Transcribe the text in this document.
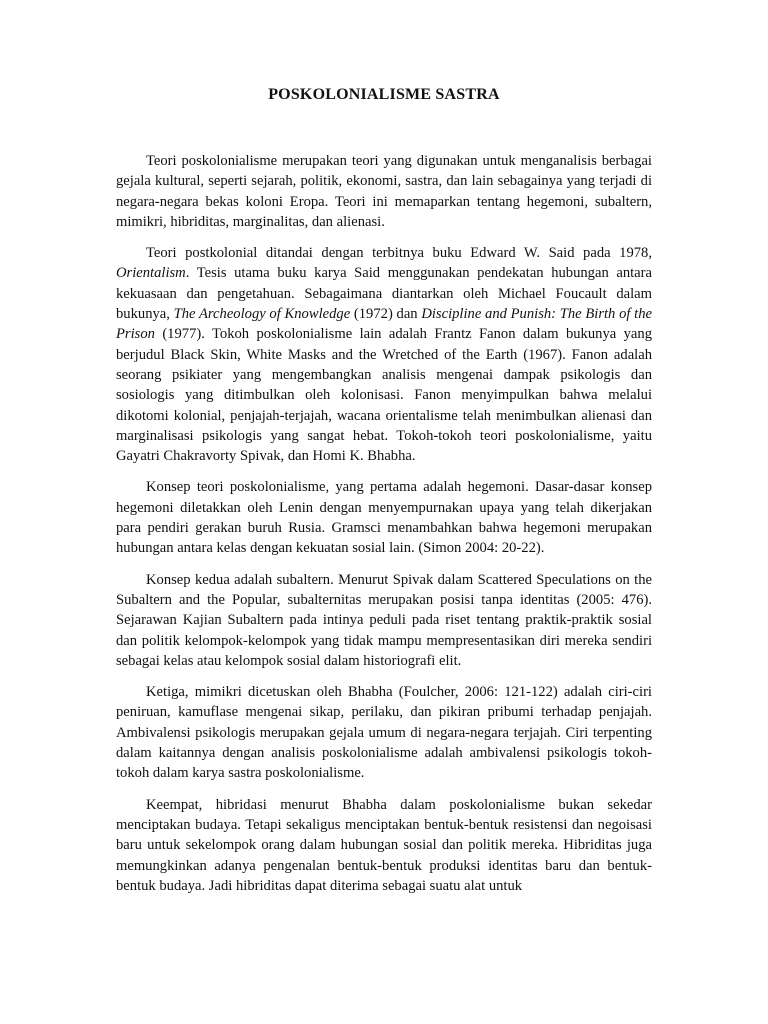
POSKOLONIALISME SASTRA

Teori poskolonialisme merupakan teori yang digunakan untuk menganalisis berbagai gejala kultural, seperti sejarah, politik, ekonomi, sastra, dan lain sebagainya yang terjadi di negara-negara bekas koloni Eropa. Teori ini memaparkan tentang hegemoni, subaltern, mimikri, hibriditas, marginalitas, dan alienasi.

Teori postkolonial ditandai dengan terbitnya buku Edward W. Said pada 1978, Orientalism. Tesis utama buku karya Said menggunakan pendekatan hubungan antara kekuasaan dan pengetahuan. Sebagaimana diantarkan oleh Michael Foucault dalam bukunya, The Archeology of Knowledge (1972) dan Discipline and Punish: The Birth of the Prison (1977). Tokoh poskolonialisme lain adalah Frantz Fanon dalam bukunya yang berjudul Black Skin, White Masks and the Wretched of the Earth (1967). Fanon adalah seorang psikiater yang mengembangkan analisis mengenai dampak psikologis dan sosiologis yang ditimbulkan oleh kolonisasi. Fanon menyimpulkan bahwa melalui dikotomi kolonial, penjajah-terjajah, wacana orientalisme telah menimbulkan alienasi dan marginalisasi psikologis yang sangat hebat. Tokoh-tokoh teori poskolonialisme, yaitu Gayatri Chakravorty Spivak, dan Homi K. Bhabha.

Konsep teori poskolonialisme, yang pertama adalah hegemoni. Dasar-dasar konsep hegemoni diletakkan oleh Lenin dengan menyempurnakan upaya yang telah dikerjakan para pendiri gerakan buruh Rusia. Gramsci menambahkan bahwa hegemoni merupakan hubungan antara kelas dengan kekuatan sosial lain. (Simon 2004: 20-22).

Konsep kedua adalah subaltern. Menurut Spivak dalam Scattered Speculations on the Subaltern and the Popular, subalternitas merupakan posisi tanpa identitas (2005: 476). Sejarawan Kajian Subaltern pada intinya peduli pada riset tentang praktik-praktik sosial dan politik kelompok-kelompok yang tidak mampu mempresentasikan diri mereka sendiri sebagai kelas atau kelompok sosial dalam historiografi elit.

Ketiga, mimikri dicetuskan oleh Bhabha (Foulcher, 2006: 121-122) adalah ciri-ciri peniruan, kamuflase mengenai sikap, perilaku, dan pikiran pribumi terhadap penjajah. Ambivalensi psikologis merupakan gejala umum di negara-negara terjajah. Ciri terpenting dalam kaitannya dengan analisis poskolonialisme adalah ambivalensi psikologis tokoh-tokoh dalam karya sastra poskolonialisme.

Keempat, hibridasi menurut Bhabha dalam poskolonialisme bukan sekedar menciptakan budaya. Tetapi sekaligus menciptakan bentuk-bentuk resistensi dan negoisasi baru untuk sekelompok orang dalam hubungan sosial dan politik mereka. Hibriditas juga memungkinkan adanya pengenalan bentuk-bentuk produksi identitas baru dan bentuk-bentuk budaya. Jadi hibriditas dapat diterima sebagai suatu alat untuk
